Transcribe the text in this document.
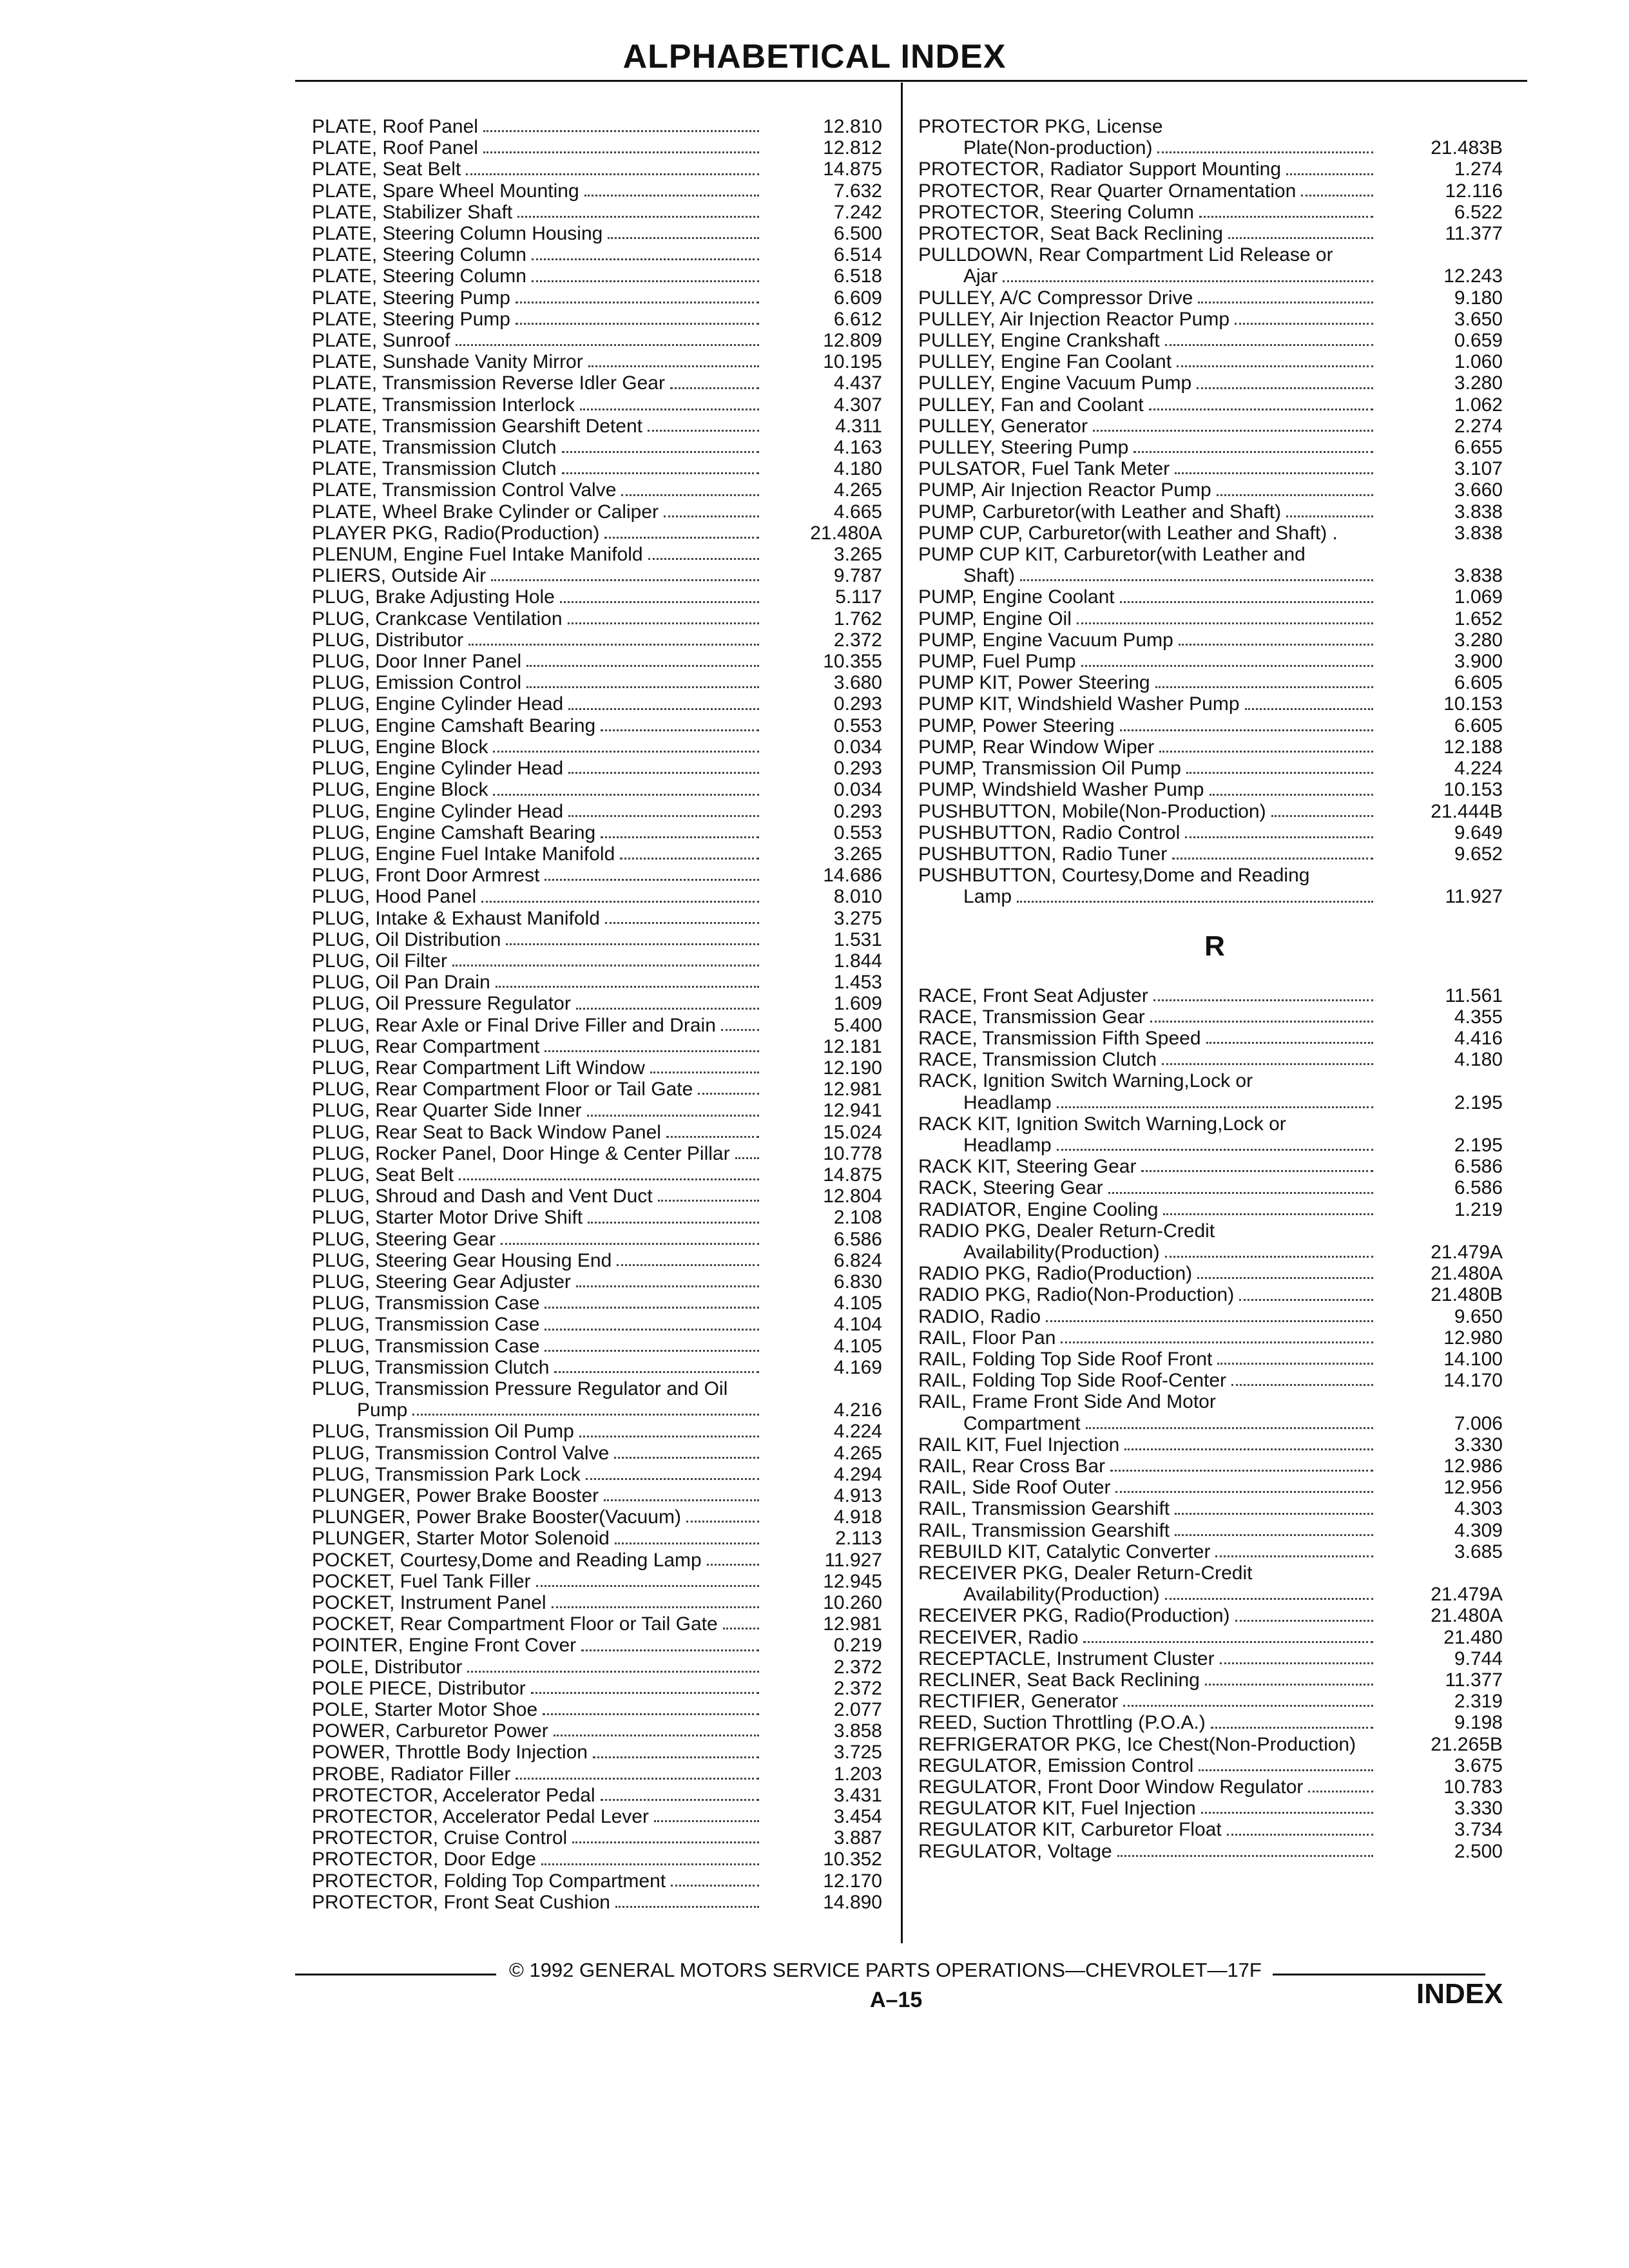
ALPHABETICAL INDEX
PLATE, Roof Panel	12.810
PLATE, Roof Panel	12.812
PLATE, Seat Belt	14.875
PLATE, Spare Wheel Mounting	7.632
PLATE, Stabilizer Shaft	7.242
PLATE, Steering Column Housing	6.500
PLATE, Steering Column	6.514
PLATE, Steering Column	6.518
PLATE, Steering Pump	6.609
PLATE, Steering Pump	6.612
PLATE, Sunroof	12.809
PLATE, Sunshade Vanity Mirror	10.195
PLATE, Transmission Reverse Idler Gear	4.437
PLATE, Transmission Interlock	4.307
PLATE, Transmission Gearshift Detent	4.311
PLATE, Transmission Clutch	4.163
PLATE, Transmission Clutch	4.180
PLATE, Transmission Control Valve	4.265
PLATE, Wheel Brake Cylinder or Caliper	4.665
PLAYER PKG, Radio(Production)	21.480A
PLENUM, Engine Fuel Intake Manifold	3.265
PLIERS, Outside Air	9.787
PLUG, Brake Adjusting Hole	5.117
PLUG, Crankcase Ventilation	1.762
PLUG, Distributor	2.372
PLUG, Door Inner Panel	10.355
PLUG, Emission Control	3.680
PLUG, Engine Cylinder Head	0.293
PLUG, Engine Camshaft Bearing	0.553
PLUG, Engine Block	0.034
PLUG, Engine Cylinder Head	0.293
PLUG, Engine Block	0.034
PLUG, Engine Cylinder Head	0.293
PLUG, Engine Camshaft Bearing	0.553
PLUG, Engine Fuel Intake Manifold	3.265
PLUG, Front Door Armrest	14.686
PLUG, Hood Panel	8.010
PLUG, Intake & Exhaust Manifold	3.275
PLUG, Oil Distribution	1.531
PLUG, Oil Filter	1.844
PLUG, Oil Pan Drain	1.453
PLUG, Oil Pressure Regulator	1.609
PLUG, Rear Axle or Final Drive Filler and Drain	5.400
PLUG, Rear Compartment	12.181
PLUG, Rear Compartment Lift Window	12.190
PLUG, Rear Compartment Floor or Tail Gate	12.981
PLUG, Rear Quarter Side Inner	12.941
PLUG, Rear Seat to Back Window Panel	15.024
PLUG, Rocker Panel, Door Hinge & Center Pillar	10.778
PLUG, Seat Belt	14.875
PLUG, Shroud and Dash and Vent Duct	12.804
PLUG, Starter Motor Drive Shift	2.108
PLUG, Steering Gear	6.586
PLUG, Steering Gear Housing End	6.824
PLUG, Steering Gear Adjuster	6.830
PLUG, Transmission Case	4.105
PLUG, Transmission Case	4.104
PLUG, Transmission Case	4.105
PLUG, Transmission Clutch	4.169
PLUG, Transmission Pressure Regulator and Oil
Pump	4.216
PLUG, Transmission Oil Pump	4.224
PLUG, Transmission Control Valve	4.265
PLUG, Transmission Park Lock	4.294
PLUNGER, Power Brake Booster	4.913
PLUNGER, Power Brake Booster(Vacuum)	4.918
PLUNGER, Starter Motor Solenoid	2.113
POCKET, Courtesy,Dome and Reading Lamp	11.927
POCKET, Fuel Tank Filler	12.945
POCKET, Instrument Panel	10.260
POCKET, Rear Compartment Floor or Tail Gate	12.981
POINTER, Engine Front Cover	0.219
POLE, Distributor	2.372
POLE PIECE, Distributor	2.372
POLE, Starter Motor Shoe	2.077
POWER, Carburetor Power	3.858
POWER, Throttle Body Injection	3.725
PROBE, Radiator Filler	1.203
PROTECTOR, Accelerator Pedal	3.431
PROTECTOR, Accelerator Pedal Lever	3.454
PROTECTOR, Cruise Control	3.887
PROTECTOR, Door Edge	10.352
PROTECTOR, Folding Top Compartment	12.170
PROTECTOR, Front Seat Cushion	14.890
PROTECTOR PKG, License
Plate(Non-production)	21.483B
PROTECTOR, Radiator Support Mounting	1.274
PROTECTOR, Rear Quarter Ornamentation	12.116
PROTECTOR, Steering Column	6.522
PROTECTOR, Seat Back Reclining	11.377
PULLDOWN, Rear Compartment Lid Release or
Ajar	12.243
PULLEY, A/C Compressor Drive	9.180
PULLEY, Air Injection Reactor Pump	3.650
PULLEY, Engine Crankshaft	0.659
PULLEY, Engine Fan Coolant	1.060
PULLEY, Engine Vacuum Pump	3.280
PULLEY, Fan and Coolant	1.062
PULLEY, Generator	2.274
PULLEY, Steering Pump	6.655
PULSATOR, Fuel Tank Meter	3.107
PUMP, Air Injection Reactor Pump	3.660
PUMP, Carburetor(with Leather and Shaft)	3.838
PUMP CUP, Carburetor(with Leather and Shaft) .	3.838
PUMP CUP KIT, Carburetor(with Leather and
Shaft)	3.838
PUMP, Engine Coolant	1.069
PUMP, Engine Oil	1.652
PUMP, Engine Vacuum Pump	3.280
PUMP, Fuel Pump	3.900
PUMP KIT, Power Steering	6.605
PUMP KIT, Windshield Washer Pump	10.153
PUMP, Power Steering	6.605
PUMP, Rear Window Wiper	12.188
PUMP, Transmission Oil Pump	4.224
PUMP, Windshield Washer Pump	10.153
PUSHBUTTON, Mobile(Non-Production)	21.444B
PUSHBUTTON, Radio Control	9.649
PUSHBUTTON, Radio Tuner	9.652
PUSHBUTTON, Courtesy,Dome and Reading
Lamp	11.927
R
RACE, Front Seat Adjuster	11.561
RACE, Transmission Gear	4.355
RACE, Transmission Fifth Speed	4.416
RACE, Transmission Clutch	4.180
RACK, Ignition Switch Warning,Lock or
Headlamp	2.195
RACK KIT, Ignition Switch Warning,Lock or
Headlamp	2.195
RACK KIT, Steering Gear	6.586
RACK, Steering Gear	6.586
RADIATOR, Engine Cooling	1.219
RADIO PKG, Dealer Return-Credit
Availability(Production)	21.479A
RADIO PKG, Radio(Production)	21.480A
RADIO PKG, Radio(Non-Production)	21.480B
RADIO, Radio	9.650
RAIL, Floor Pan	12.980
RAIL, Folding Top Side Roof Front	14.100
RAIL, Folding Top Side Roof-Center	14.170
RAIL, Frame Front Side And Motor
Compartment	7.006
RAIL KIT, Fuel Injection	3.330
RAIL, Rear Cross Bar	12.986
RAIL, Side Roof Outer	12.956
RAIL, Transmission Gearshift	4.303
RAIL, Transmission Gearshift	4.309
REBUILD KIT, Catalytic Converter	3.685
RECEIVER PKG, Dealer Return-Credit
Availability(Production)	21.479A
RECEIVER PKG, Radio(Production)	21.480A
RECEIVER, Radio	21.480
RECEPTACLE, Instrument Cluster	9.744
RECLINER, Seat Back Reclining	11.377
RECTIFIER, Generator	2.319
REED, Suction Throttling (P.O.A.)	9.198
REFRIGERATOR PKG, Ice Chest(Non-Production)	21.265B
REGULATOR, Emission Control	3.675
REGULATOR, Front Door Window Regulator	10.783
REGULATOR KIT, Fuel Injection	3.330
REGULATOR KIT, Carburetor Float	3.734
REGULATOR, Voltage	2.500
© 1992 GENERAL MOTORS SERVICE PARTS OPERATIONS—CHEVROLET—17F
A–15	INDEX
